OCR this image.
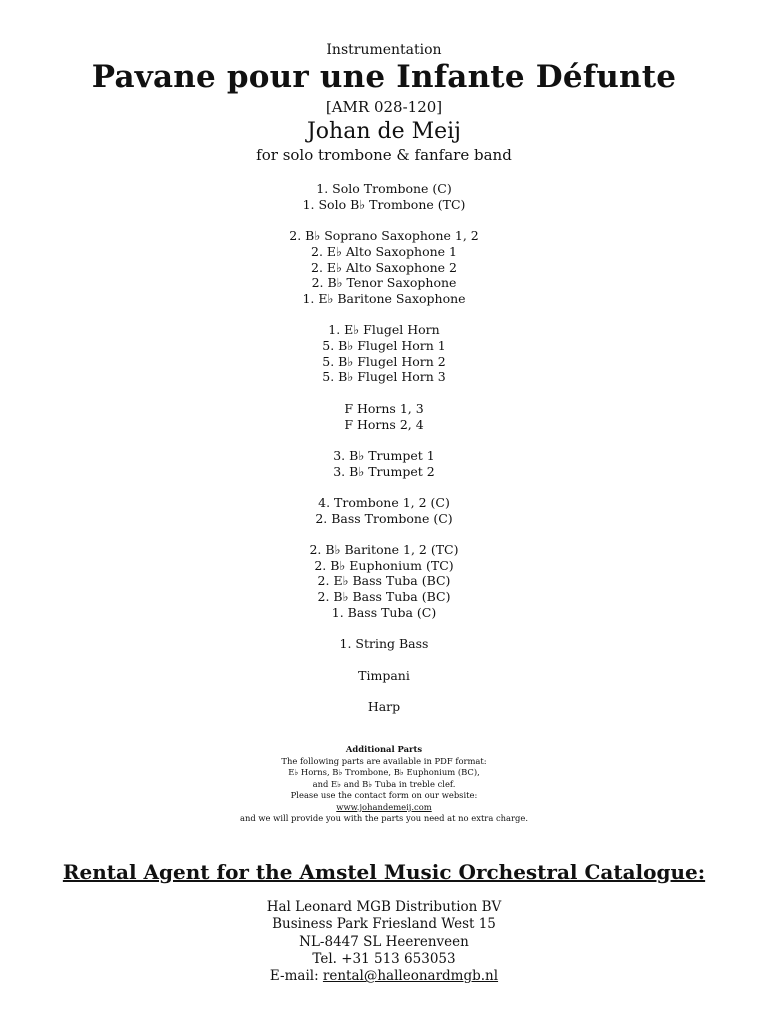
Instrumentation
Pavane pour une Infante Défunte
[AMR 028-120]
Johan de Meij
for solo trombone & fanfare band
1. Solo Trombone (C)
1. Solo B♭ Trombone (TC)
2. B♭ Soprano Saxophone 1, 2
2. E♭ Alto Saxophone 1
2. E♭ Alto Saxophone 2
2. B♭ Tenor Saxophone
1. E♭ Baritone Saxophone
1. E♭ Flugel Horn
5. B♭ Flugel Horn 1
5. B♭ Flugel Horn 2
5. B♭ Flugel Horn 3
F Horns 1, 3
F Horns 2, 4
3. B♭ Trumpet 1
3. B♭ Trumpet 2
4. Trombone 1, 2 (C)
2. Bass Trombone (C)
2. B♭ Baritone 1, 2 (TC)
2. B♭ Euphonium (TC)
2. E♭ Bass Tuba (BC)
2. B♭ Bass Tuba (BC)
1. Bass Tuba (C)
1. String Bass
Timpani
Harp
Additional Parts
The following parts are available in PDF format:
E♭ Horns, B♭ Trombone, B♭ Euphonium (BC),
and E♭ and B♭ Tuba in treble clef.
Please use the contact form on our website:
www.johandemeij.com
and we will provide you with the parts you need at no extra charge.
Rental Agent for the Amstel Music Orchestral Catalogue:
Hal Leonard MGB Distribution BV
Business Park Friesland West 15
NL-8447 SL Heerenveen
Tel. +31 513 653053
E-mail: rental@halleonardmgb.nl
